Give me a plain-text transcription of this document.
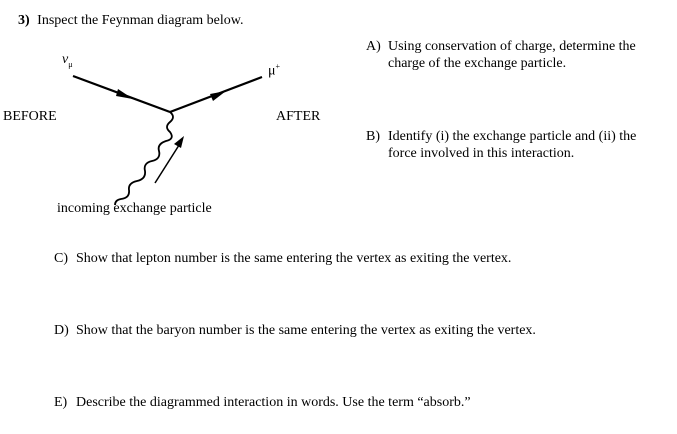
3) Inspect the Feynman diagram below.
$\nu_\mu$	μ+
BEFORE	AFTER
incoming exchange particle
A) Using conservation of charge, determine the
charge of the exchange particle.
B) Identify (i) the exchange particle and (ii) the
force involved in this interaction.
C) Show that lepton number is the same entering the vertex as exiting the vertex.
D) Show that the baryon number is the same entering the vertex as exiting the vertex.
E) Describe the diagrammed interaction in words. Use the term “absorb.”
